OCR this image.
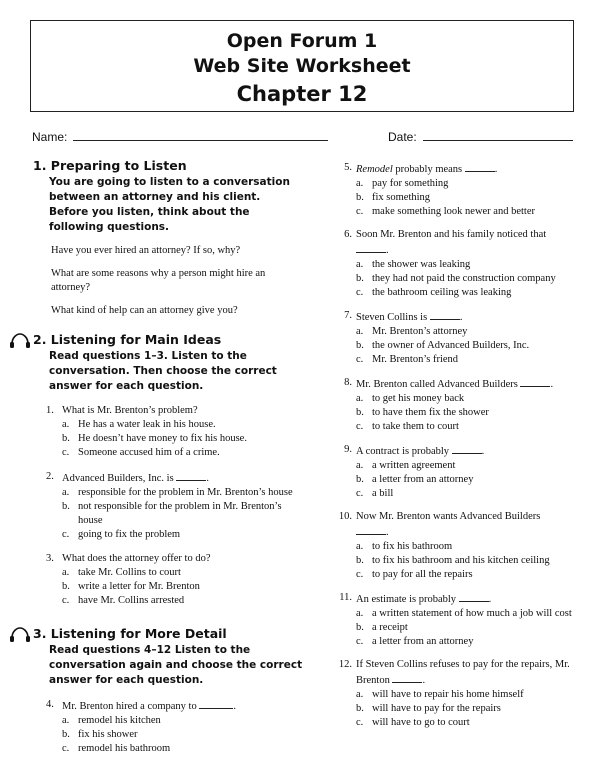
Open Forum 1
Web Site Worksheet
Chapter 12
Name:	Date:
1. Preparing to Listen
You are going to listen to a conversation between an attorney and his client. Before you listen, think about the following questions.
Have you ever hired an attorney? If so, why?
What are some reasons why a person might hire an attorney?
What kind of help can an attorney give you?
2. Listening for Main Ideas
Read questions 1–3. Listen to the conversation. Then choose the correct answer for each question.
1. What is Mr. Brenton’s problem?
a. He has a water leak in his house.
b. He doesn’t have money to fix his house.
c. Someone accused him of a crime.
2. Advanced Builders, Inc. is	.
a. responsible for the problem in Mr. Brenton’s house
b. not responsible for the problem in Mr. Brenton’s house
c. going to fix the problem
3. What does the attorney offer to do?
a. take Mr. Collins to court
b. write a letter for Mr. Brenton
c. have Mr. Collins arrested
3. Listening for More Detail
Read questions 4–12 Listen to the conversation again and choose the correct answer for each question.
4. Mr. Brenton hired a company to	.
a. remodel his kitchen
b. fix his shower
c. remodel his bathroom
5. Remodel probably means	.
a. pay for something
b. fix something
c. make something look newer and better
6. Soon Mr. Brenton and his family noticed that
.
a. the shower was leaking
b. they had not paid the construction company
c. the bathroom ceiling was leaking
7. Steven Collins is	.
a. Mr. Brenton’s attorney
b. the owner of Advanced Builders, Inc.
c. Mr. Brenton’s friend
8. Mr. Brenton called Advanced Builders	.
a. to get his money back
b. to have them fix the shower
c. to take them to court
9. A contract is probably	.
a. a written agreement
b. a letter from an attorney
c. a bill
10. Now Mr. Brenton wants Advanced Builders
.
a. to fix his bathroom
b. to fix his bathroom and his kitchen ceiling
c. to pay for all the repairs
11. An estimate is probably	.
a. a written statement of how much a job will cost
b. a receipt
c. a letter from an attorney
12. If Steven Collins refuses to pay for the repairs, Mr. Brenton	.
a. will have to repair his home himself
b. will have to pay for the repairs
c. will have to go to court
